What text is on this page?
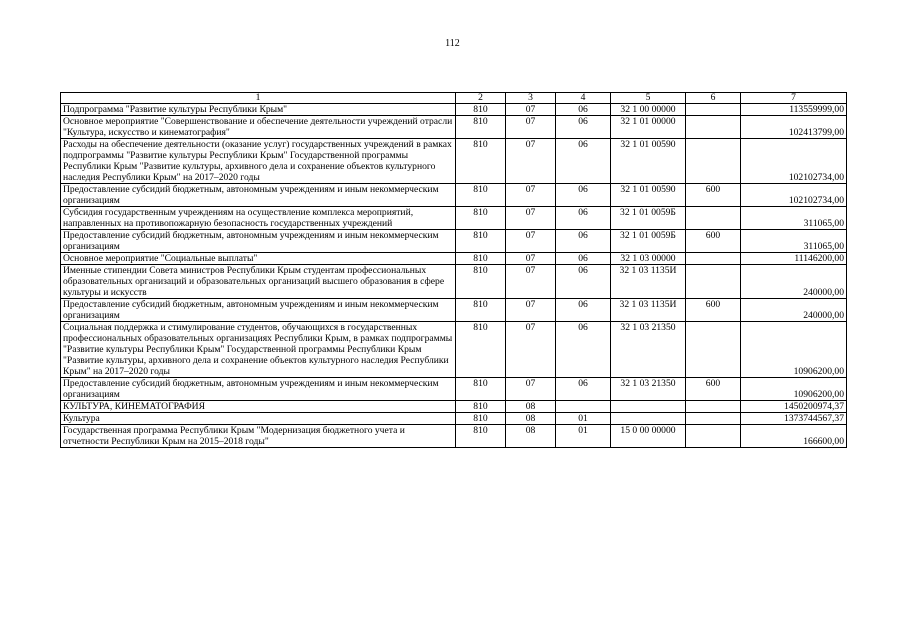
112
1	2	3	4	5	6	7
Подпрограмма "Развитие культуры Республики Крым"	810	07	06	32 1 00 00000		113559999,00
Основное мероприятие "Совершенствование и обеспечение деятельности учреждений отрасли "Культура, искусство и кинематография"	810	07	06	32 1 01 00000		102413799,00
Расходы на обеспечение деятельности (оказание услуг) государственных учреждений в рамках подпрограммы "Развитие культуры Республики Крым" Государственной программы Республики Крым "Развитие культуры, архивного дела и сохранение объектов культурного наследия Республики Крым" на 2017–2020 годы	810	07	06	32 1 01 00590		102102734,00
Предоставление субсидий бюджетным, автономным учреждениям и иным некоммерческим организациям	810	07	06	32 1 01 00590	600	102102734,00
Субсидия государственным учреждениям на осуществление комплекса мероприятий, направленных на противопожарную безопасность государственных учреждений	810	07	06	32 1 01 0059Б		311065,00
Предоставление субсидий бюджетным, автономным учреждениям и иным некоммерческим организациям	810	07	06	32 1 01 0059Б	600	311065,00
Основное мероприятие "Социальные выплаты"	810	07	06	32 1 03 00000		11146200,00
Именные стипендии Совета министров Республики Крым студентам профессиональных образовательных организаций и образовательных организаций высшего образования в сфере культуры и искусств	810	07	06	32 1 03 1135И		240000,00
Предоставление субсидий бюджетным, автономным учреждениям и иным некоммерческим организациям	810	07	06	32 1 03 1135И	600	240000,00
Социальная поддержка и стимулирование студентов, обучающихся в государственных профессиональных образовательных организациях Республики Крым, в рамках подпрограммы "Развитие культуры Республики Крым" Государственной программы Республики Крым "Развитие культуры, архивного дела и сохранение объектов культурного наследия Республики Крым" на 2017–2020 годы	810	07	06	32 1 03 21350		10906200,00
Предоставление субсидий бюджетным, автономным учреждениям и иным некоммерческим организациям	810	07	06	32 1 03 21350	600	10906200,00
КУЛЬТУРА, КИНЕМАТОГРАФИЯ	810	08				1450200974,37
Культура	810	08	01			1373744567,37
Государственная программа Республики Крым "Модернизация бюджетного учета и отчетности Республики Крым на 2015–2018 годы"	810	08	01	15 0 00 00000		166600,00
